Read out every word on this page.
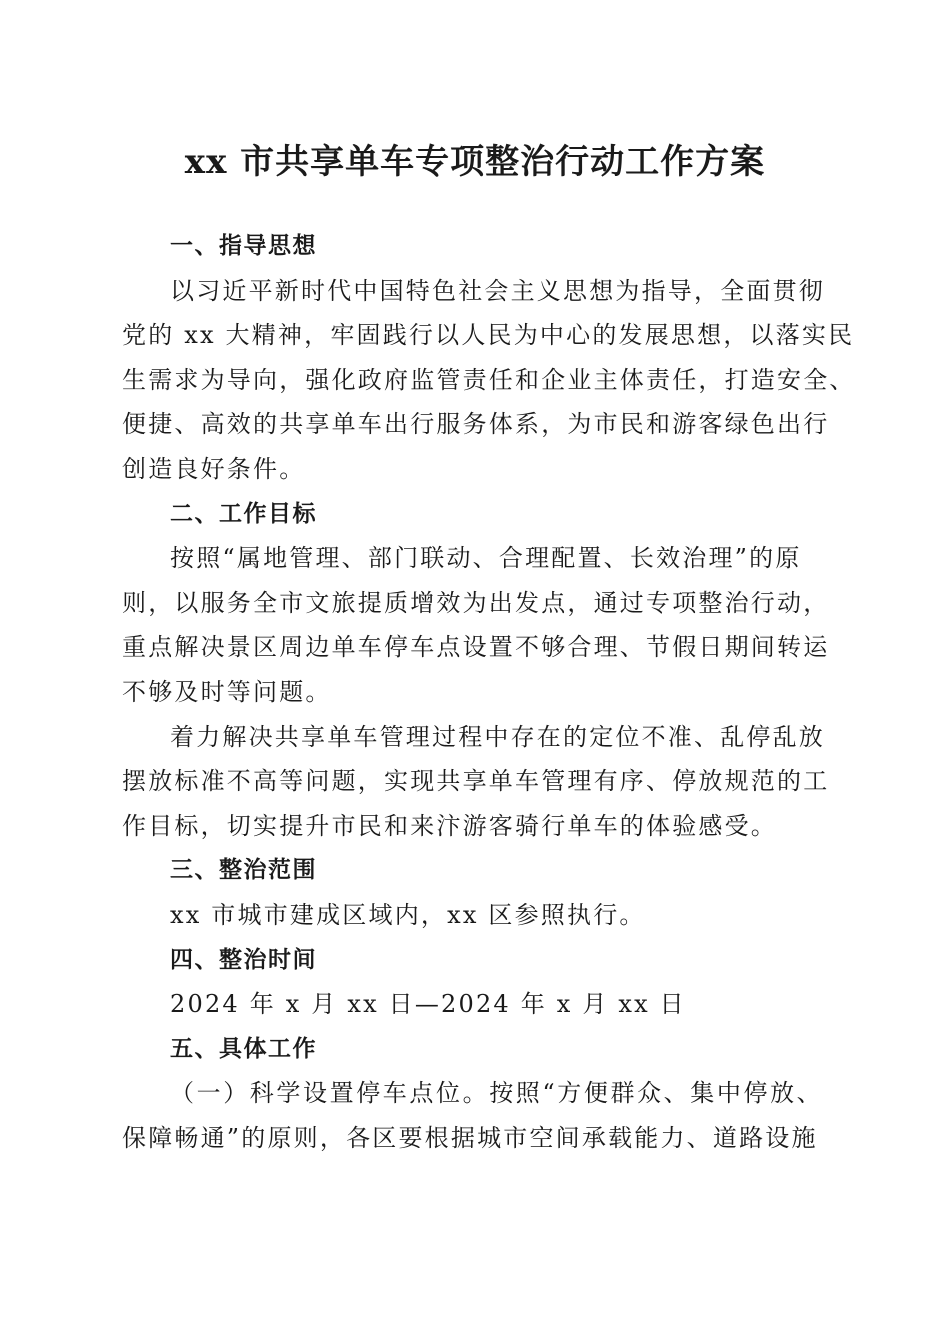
xx 市共享单车专项整治行动工作方案
一、指导思想
以习近平新时代中国特色社会主义思想为指导，全面贯彻
党的 xx 大精神，牢固践行以人民为中心的发展思想，以落实民
生需求为导向，强化政府监管责任和企业主体责任，打造安全、
便捷、高效的共享单车出行服务体系，为市民和游客绿色出行
创造良好条件。
二、工作目标
按照“属地管理、部门联动、合理配置、长效治理”的原
则，以服务全市文旅提质增效为出发点，通过专项整治行动，
重点解决景区周边单车停车点设置不够合理、节假日期间转运
不够及时等问题。
着力解决共享单车管理过程中存在的定位不准、乱停乱放
摆放标准不高等问题，实现共享单车管理有序、停放规范的工
作目标，切实提升市民和来汴游客骑行单车的体验感受。
三、整治范围
xx 市城市建成区域内，xx 区参照执行。
四、整治时间
2024 年 x 月 xx 日—2024 年 x 月 xx 日
五、具体工作
（一）科学设置停车点位。按照“方便群众、集中停放、
保障畅通”的原则，各区要根据城市空间承载能力、道路设施
